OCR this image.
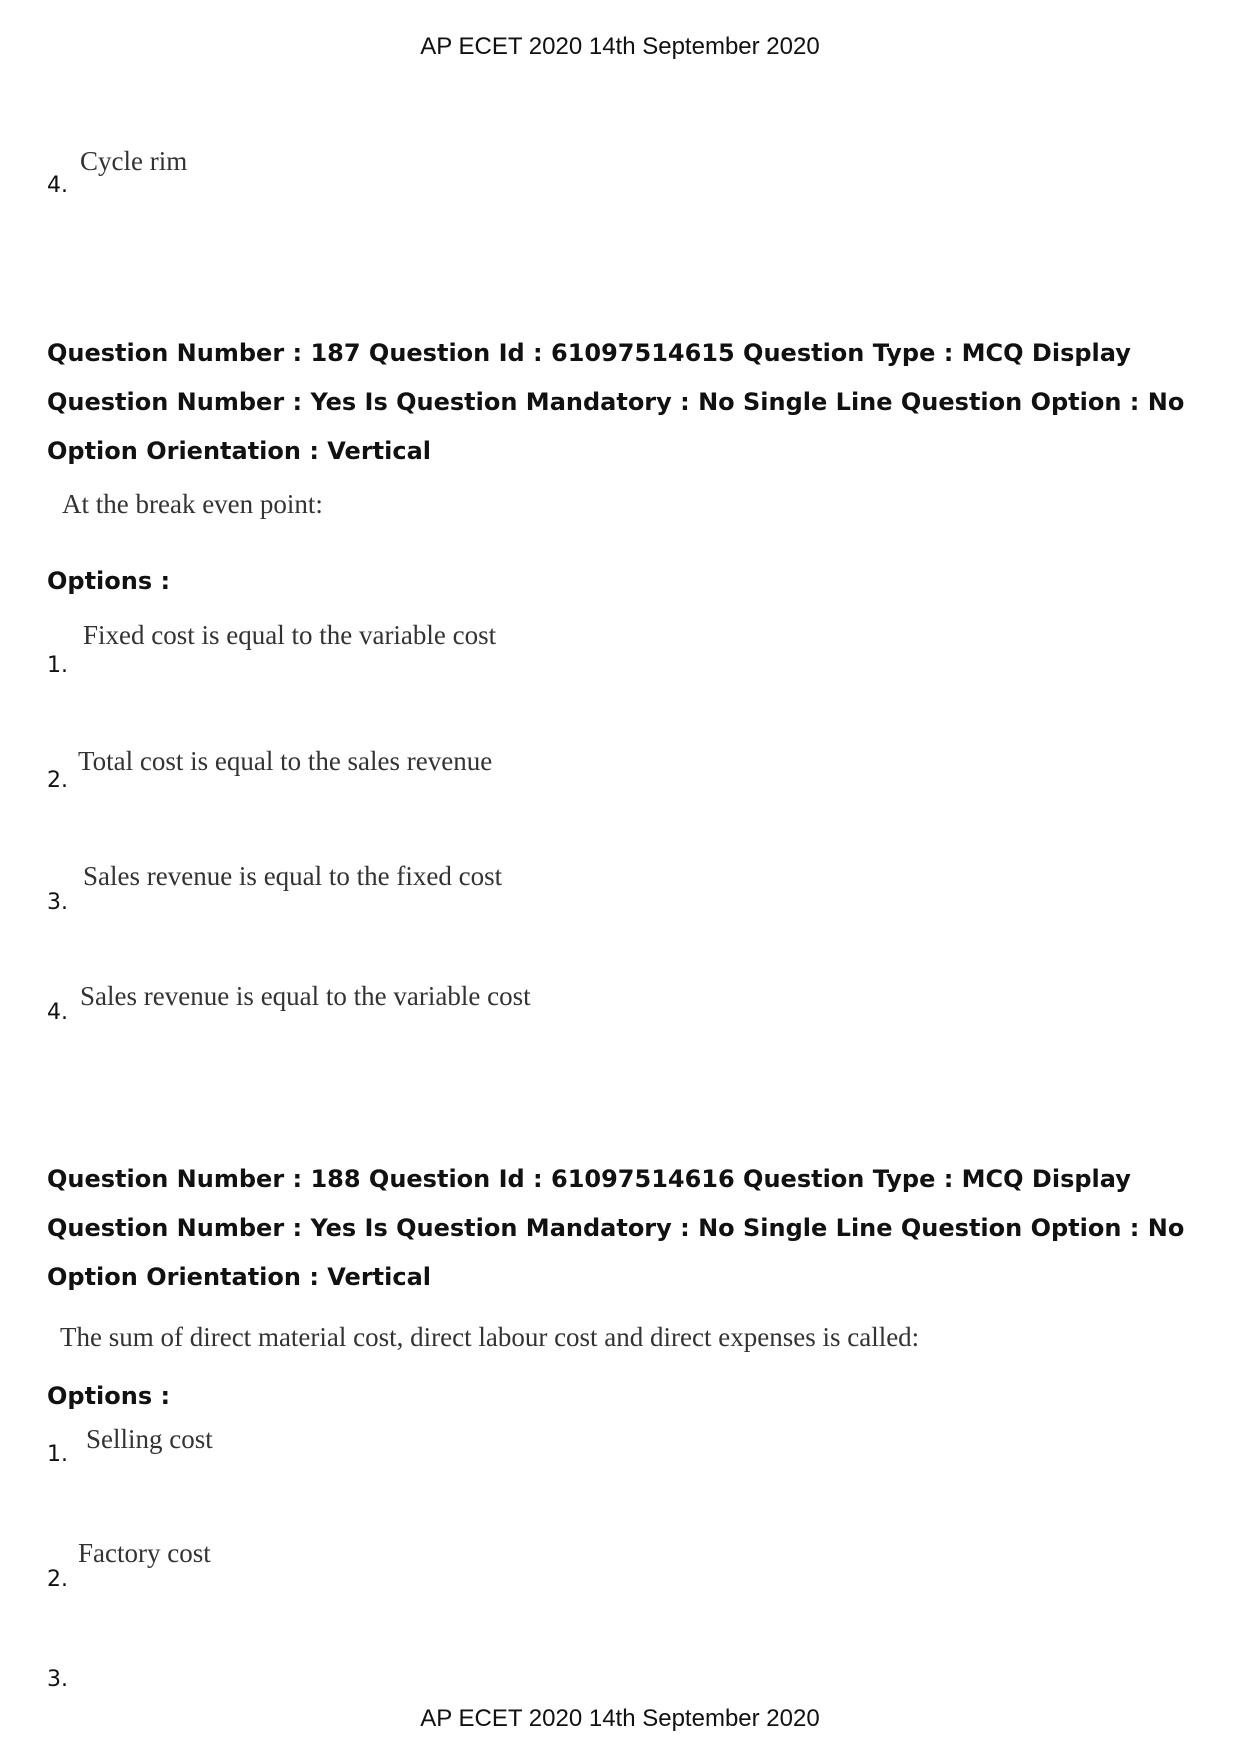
AP ECET 2020 14th September 2020
4.
Cycle rim
Question Number : 187 Question Id : 61097514615 Question Type : MCQ Display Question Number : Yes Is Question Mandatory : No Single Line Question Option : No Option Orientation : Vertical
At the break even point:
Options :
1.
Fixed cost is equal to the variable cost
2.
Total cost is equal to the sales revenue
3.
Sales revenue is equal to the fixed cost
4.
Sales revenue is equal to the variable cost
Question Number : 188 Question Id : 61097514616 Question Type : MCQ Display Question Number : Yes Is Question Mandatory : No Single Line Question Option : No Option Orientation : Vertical
The sum of direct material cost, direct labour cost and direct expenses is called:
Options :
1.
Selling cost
2.
Factory cost
3.
AP ECET 2020 14th September 2020
